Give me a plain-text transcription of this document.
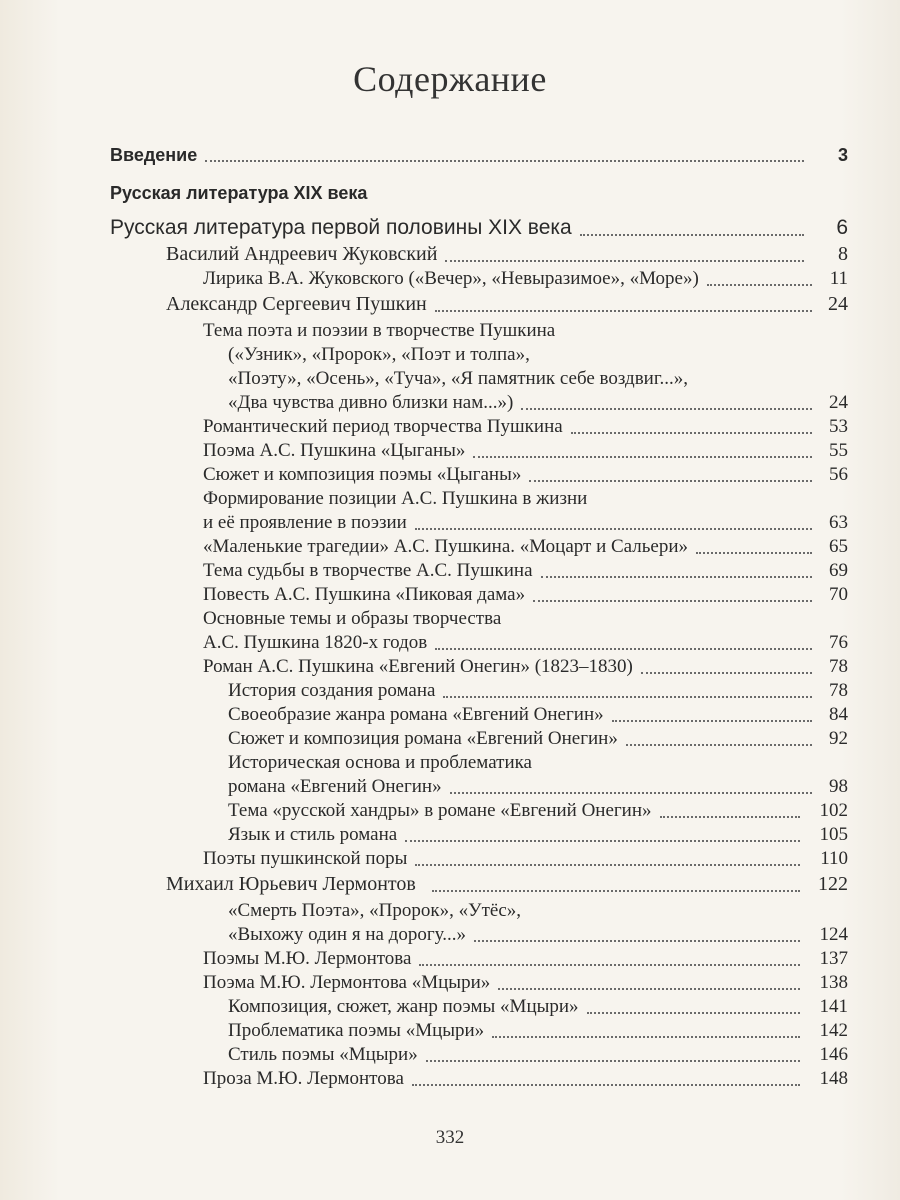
Содержание
Введение	3
Русская литература XIX века
Русская литература первой половины XIX века	6
Василий Андреевич Жуковский	8
Лирика В.А. Жуковского («Вечер», «Невыразимое», «Море»)	11
Александр Сергеевич Пушкин	24
Тема поэта и поэзии в творчестве Пушкина
(«Узник», «Пророк», «Поэт и толпа»,
«Поэту», «Осень», «Туча», «Я памятник себе воздвиг...»,
«Два чувства дивно близки нам...»)	24
Романтический период творчества Пушкина	53
Поэма А.С. Пушкина «Цыганы»	55
Сюжет и композиция поэмы «Цыганы»	56
Формирование позиции А.С. Пушкина в жизни
и её проявление в поэзии	63
«Маленькие трагедии» А.С. Пушкина. «Моцарт и Сальери»	65
Тема судьбы в творчестве А.С. Пушкина	69
Повесть А.С. Пушкина «Пиковая дама»	70
Основные темы и образы творчества
А.С. Пушкина 1820-х годов	76
Роман А.С. Пушкина «Евгений Онегин» (1823–1830)	78
История создания романа	78
Своеобразие жанра романа «Евгений Онегин»	84
Сюжет и композиция романа «Евгений Онегин»	92
Историческая основа и проблематика
романа «Евгений Онегин»	98
Тема «русской хандры» в романе «Евгений Онегин»	102
Язык и стиль романа	105
Поэты пушкинской поры	110
Михаил Юрьевич Лермонтов	122
«Смерть Поэта», «Пророк», «Утёс»,
«Выхожу один я на дорогу...»	124
Поэмы М.Ю. Лермонтова	137
Поэма М.Ю. Лермонтова «Мцыри»	138
Композиция, сюжет, жанр поэмы «Мцыри»	141
Проблематика поэмы «Мцыри»	142
Стиль поэмы «Мцыри»	146
Проза М.Ю. Лермонтова	148
332
